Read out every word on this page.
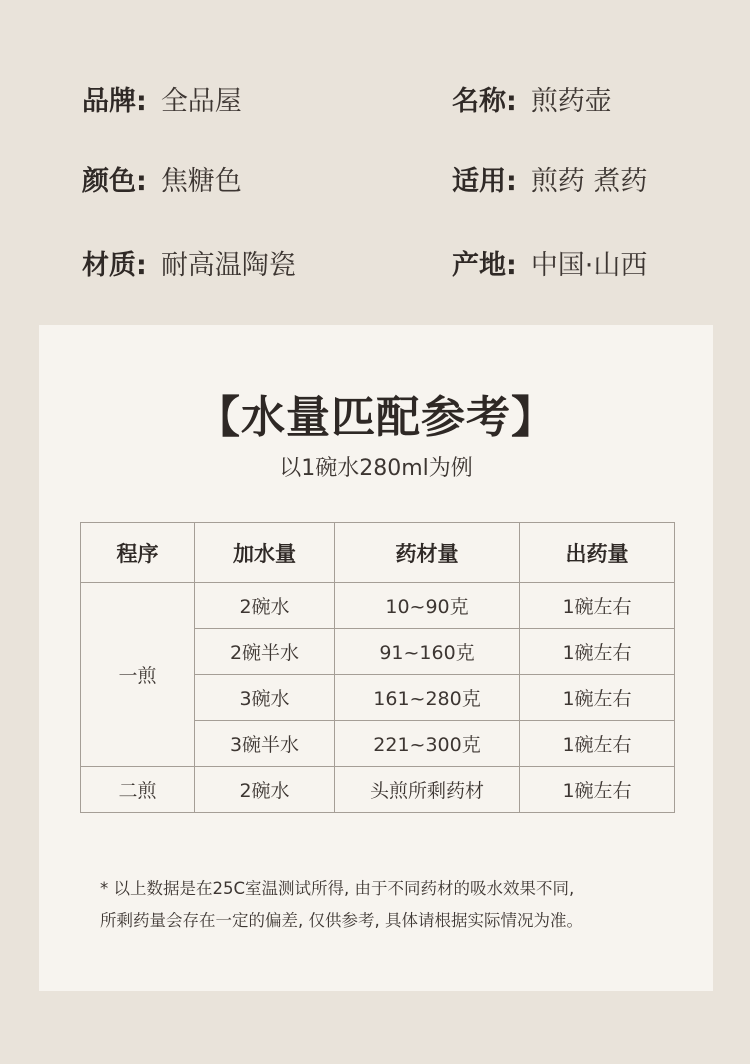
品牌: 全品屋	名称: 煎药壶
颜色: 焦糖色	适用: 煎药 煮药
材质: 耐高温陶瓷	产地: 中国·山西
【水量匹配参考】
以1碗水280ml为例
程序	加水量	药材量	出药量
一煎	2碗水	10~90克	1碗左右
	2碗半水	91~160克	1碗左右
	3碗水	161~280克	1碗左右
	3碗半水	221~300克	1碗左右
二煎	2碗水	头煎所剩药材	1碗左右
* 以上数据是在25C室温测试所得, 由于不同药材的吸水效果不同,
所剩药量会存在一定的偏差, 仅供参考, 具体请根据实际情况为准。
